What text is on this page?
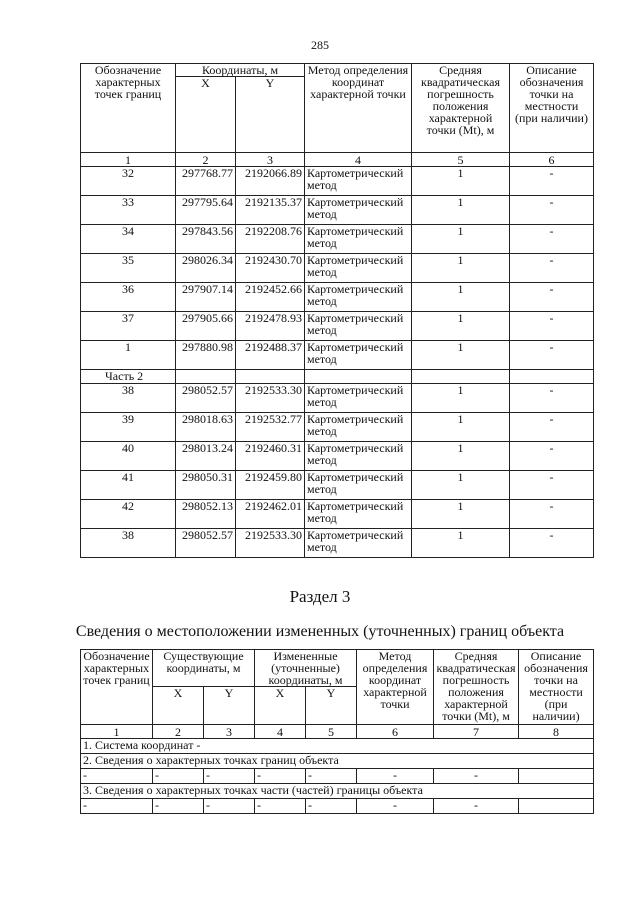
285
Обозначение характерных точек границ	Координаты, м		Метод определения координат характерной точки	Средняя квадратическая погрешность положения характерной точки (Mt), м	Описание обозначения точки на местности (при наличии)
	X	Y			
1	2	3	4	5	6
32	297768.77	2192066.89	Картометрический метод	1	-
33	297795.64	2192135.37	Картометрический метод	1	-
34	297843.56	2192208.76	Картометрический метод	1	-
35	298026.34	2192430.70	Картометрический метод	1	-
36	297907.14	2192452.66	Картометрический метод	1	-
37	297905.66	2192478.93	Картометрический метод	1	-
1	297880.98	2192488.37	Картометрический метод	1	-
Часть 2					
38	298052.57	2192533.30	Картометрический метод	1	-
39	298018.63	2192532.77	Картометрический метод	1	-
40	298013.24	2192460.31	Картометрический метод	1	-
41	298050.31	2192459.80	Картометрический метод	1	-
42	298052.13	2192462.01	Картометрический метод	1	-
38	298052.57	2192533.30	Картометрический метод	1	-
Раздел 3
Сведения о местоположении измененных (уточненных) границ объекта
Обозначение характерных точек границ	Существующие координаты, м		Измененные (уточненные) координаты, м		Метод определения координат характерной точки	Средняя квадратическая погрешность положения характерной точки (Mt), м	Описание обозначения точки на местности (при наличии)
	X	Y	X	Y			
1	2	3	4	5	6	7	8
1. Система координат -							
2. Сведения о характерных точках границ объекта							
-	-	-	-	-	-	-	
3. Сведения о характерных точках части (частей) границы объекта							
-	-	-	-	-	-	-	
